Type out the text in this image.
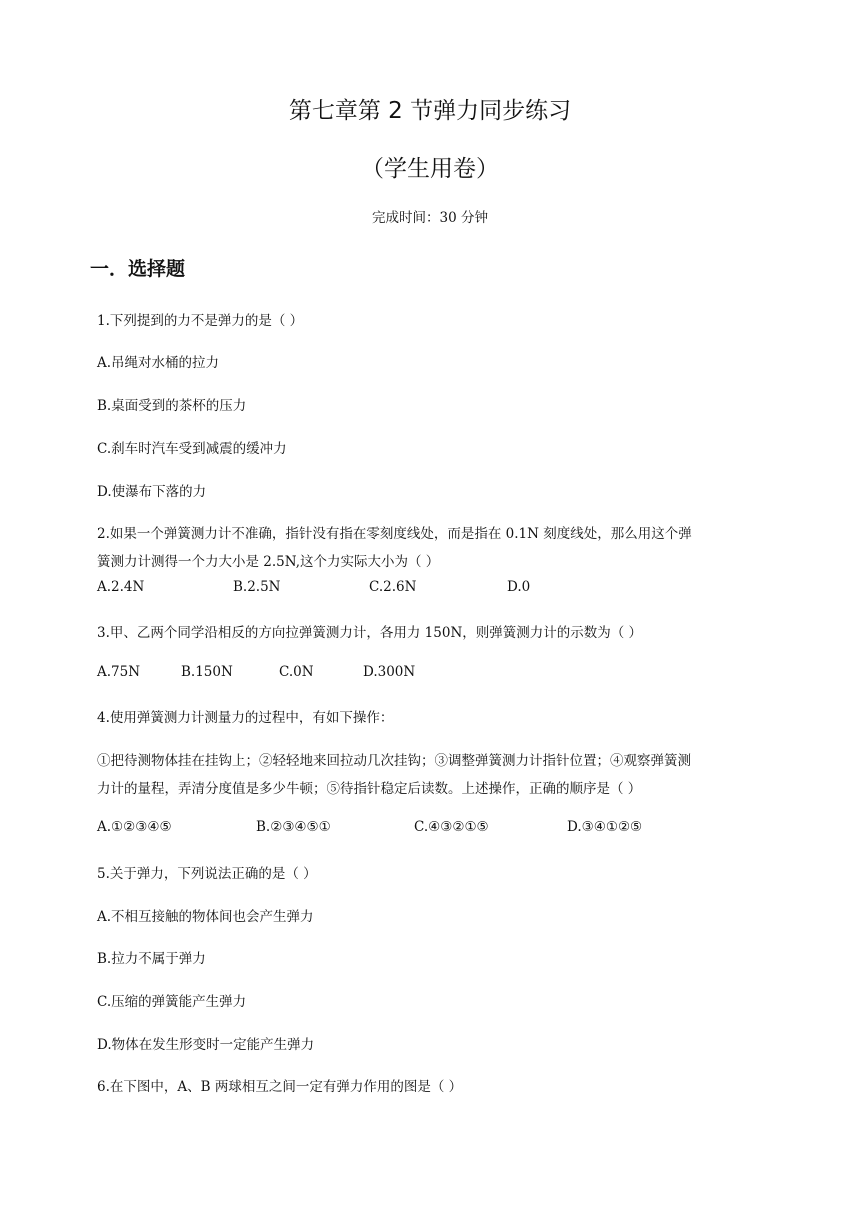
第七章第 2 节弹力同步练习
（学生用卷）
完成时间：30 分钟
一．选择题
1.下列提到的力不是弹力的是（ ）
A.吊绳对水桶的拉力
B.桌面受到的茶杯的压力
C.刹车时汽车受到减震的缓冲力
D.使瀑布下落的力
2.如果一个弹簧测力计不准确，指针没有指在零刻度线处，而是指在 0.1N 刻度线处，那么用这个弹
簧测力计测得一个力大小是 2.5N,这个力实际大小为（ ）
A.2.4N	B.2.5N	C.2.6N	D.0
3.甲、乙两个同学沿相反的方向拉弹簧测力计，各用力 150N，则弹簧测力计的示数为（ ）
A.75N	B.150N	C.0N	D.300N
4.使用弹簧测力计测量力的过程中，有如下操作：
①把待测物体挂在挂钩上；②轻轻地来回拉动几次挂钩；③调整弹簧测力计指针位置；④观察弹簧测
力计的量程，弄清分度值是多少牛顿；⑤待指针稳定后读数。上述操作，正确的顺序是（ ）
A.①②③④⑤	B.②③④⑤①	C.④③②①⑤	D.③④①②⑤
5.关于弹力，下列说法正确的是（ ）
A.不相互接触的物体间也会产生弹力
B.拉力不属于弹力
C.压缩的弹簧能产生弹力
D.物体在发生形变时一定能产生弹力
6.在下图中，A、B 两球相互之间一定有弹力作用的图是（ ）
